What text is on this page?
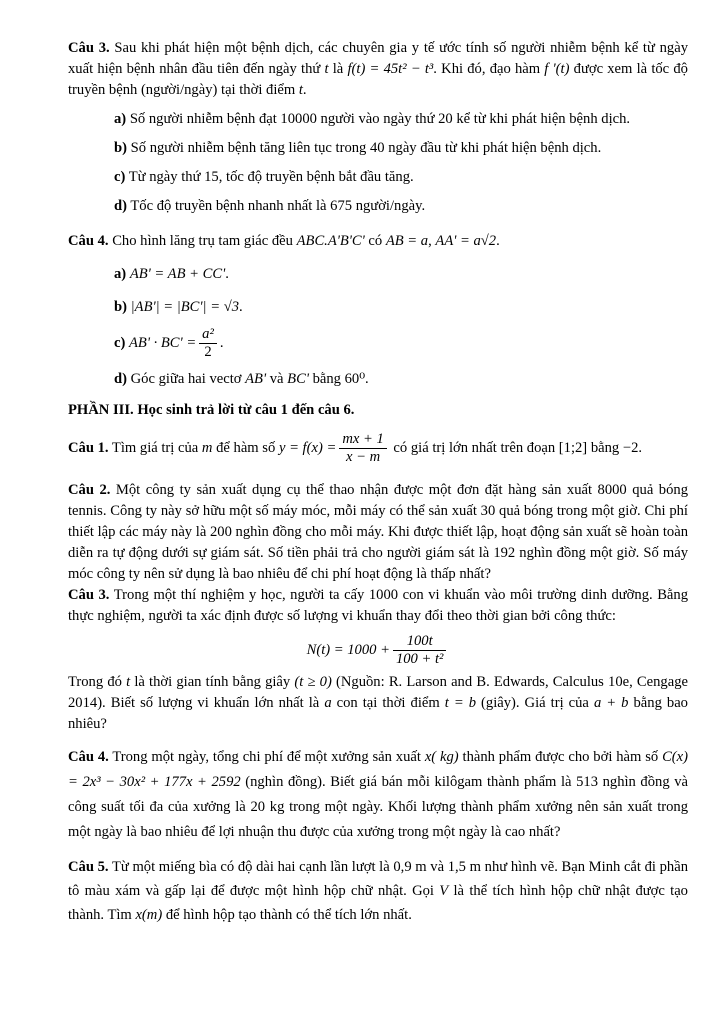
Câu 3. Sau khi phát hiện một bệnh dịch, các chuyên gia y tế ước tính số người nhiễm bệnh kể từ ngày xuất hiện bệnh nhân đầu tiên đến ngày thứ t là f(t) = 45t² − t³. Khi đó, đạo hàm f '(t) được xem là tốc độ truyền bệnh (người/ngày) tại thời điểm t.

a) Số người nhiễm bệnh đạt 10000 người vào ngày thứ 20 kể từ khi phát hiện bệnh dịch.
b) Số người nhiễm bệnh tăng liên tục trong 40 ngày đầu từ khi phát hiện bệnh dịch.
c) Từ ngày thứ 15, tốc độ truyền bệnh bắt đầu tăng.
d) Tốc độ truyền bệnh nhanh nhất là 675 người/ngày.

Câu 4. Cho hình lăng trụ tam giác đều ABC.A'B'C' có AB = a, AA' = a√2.

a) AB' = AB + CC'.
b) |AB'| = |BC'| = √3.
c) $AB' \cdot BC' = \frac{\text{a²}}{2}$ .
d) Góc giữa hai vectơ AB' và BC' bằng 60⁰.

PHẦN III. Học sinh trả lời từ câu 1 đến câu 6.

Câu 1. Tìm giá trị của m để hàm số $y = f(x) = \frac{mx + 1}{x - m}$ có giá trị lớn nhất trên đoạn [1;2] bằng −2.

Câu 2. Một công ty sản xuất dụng cụ thể thao nhận được một đơn đặt hàng sản xuất 8000 quả bóng tennis. Công ty này sở hữu một số máy móc, mỗi máy có thể sản xuất 30 quả bóng trong một giờ. Chi phí thiết lập các máy này là 200 nghìn đồng cho mỗi máy. Khi được thiết lập, hoạt động sản xuất sẽ hoàn toàn diễn ra tự động dưới sự giám sát. Số tiền phải trả cho người giám sát là 192 nghìn đồng một giờ. Số máy móc công ty nên sử dụng là bao nhiêu để chi phí hoạt động là thấp nhất?

Câu 3. Trong một thí nghiệm y học, người ta cấy 1000 con vi khuẩn vào môi trường dinh dưỡng. Bằng thực nghiệm, người ta xác định được số lượng vi khuẩn thay đổi theo thời gian bởi công thức:

$N(t) = 1000 + \frac{100t}{\text{100 + t²}}$

Trong đó t là thời gian tính bằng giây (t ≥ 0) (Nguồn: R. Larson and B. Edwards, Calculus 10e, Cengage 2014). Biết số lượng vi khuẩn lớn nhất là a con tại thời điểm t = b (giây). Giá trị của a + b bằng bao nhiêu?

Câu 4. Trong một ngày, tổng chi phí để một xưởng sản xuất x( kg) thành phẩm được cho bởi hàm số C(x) = 2x³ − 30x² + 177x + 2592 (nghìn đồng). Biết giá bán mỗi kilôgam thành phẩm là 513 nghìn đồng và công suất tối đa của xưởng là 20 kg trong một ngày. Khối lượng thành phẩm xưởng nên sản xuất trong một ngày là bao nhiêu để lợi nhuận thu được của xưởng trong một ngày là cao nhất?

Câu 5. Từ một miếng bìa có độ dài hai cạnh lần lượt là 0,9 m và 1,5 m như hình vẽ. Bạn Minh cắt đi phần tô màu xám và gấp lại để được một hình hộp chữ nhật. Gọi V là thể tích hình hộp chữ nhật được tạo thành. Tìm x(m) để hình hộp tạo thành có thể tích lớn nhất.
